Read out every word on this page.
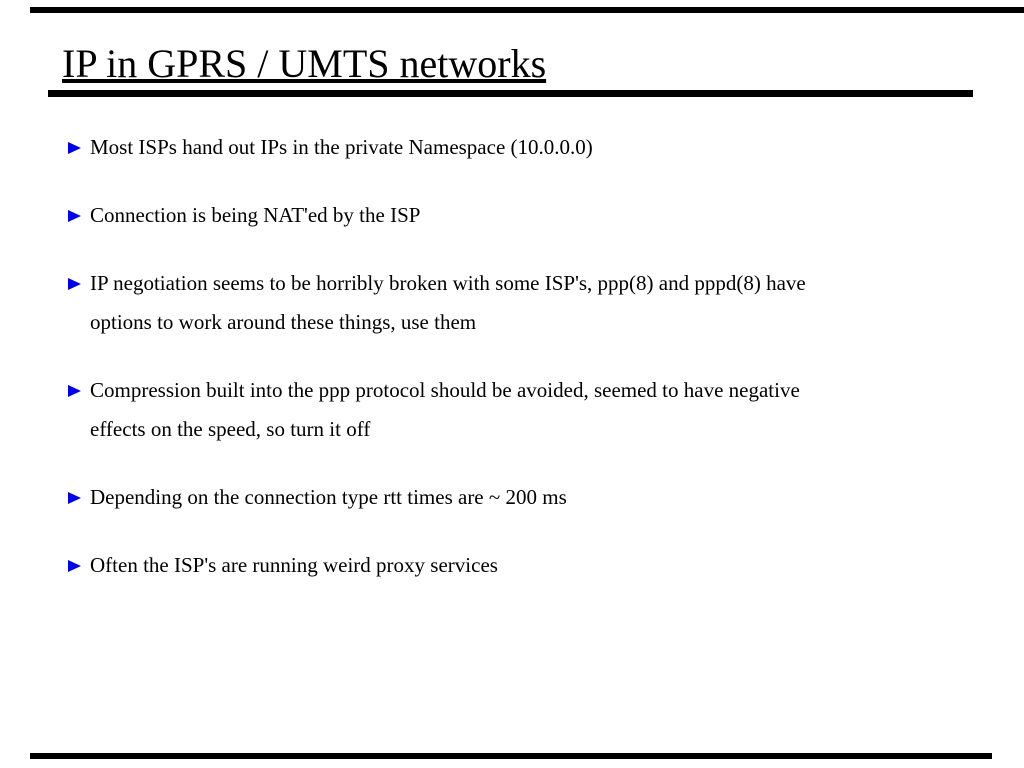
IP in GPRS / UMTS networks
Most ISPs hand out IPs in the private Namespace (10.0.0.0)
Connection is being NAT'ed by the ISP
IP negotiation seems to be horribly broken with some ISP's, ppp(8) and pppd(8) have
options to work around these things, use them
Compression built into the ppp protocol should be avoided, seemed to have negative
effects on the speed, so turn it off
Depending on the connection type rtt times are ~ 200 ms
Often the ISP's are running weird proxy services
